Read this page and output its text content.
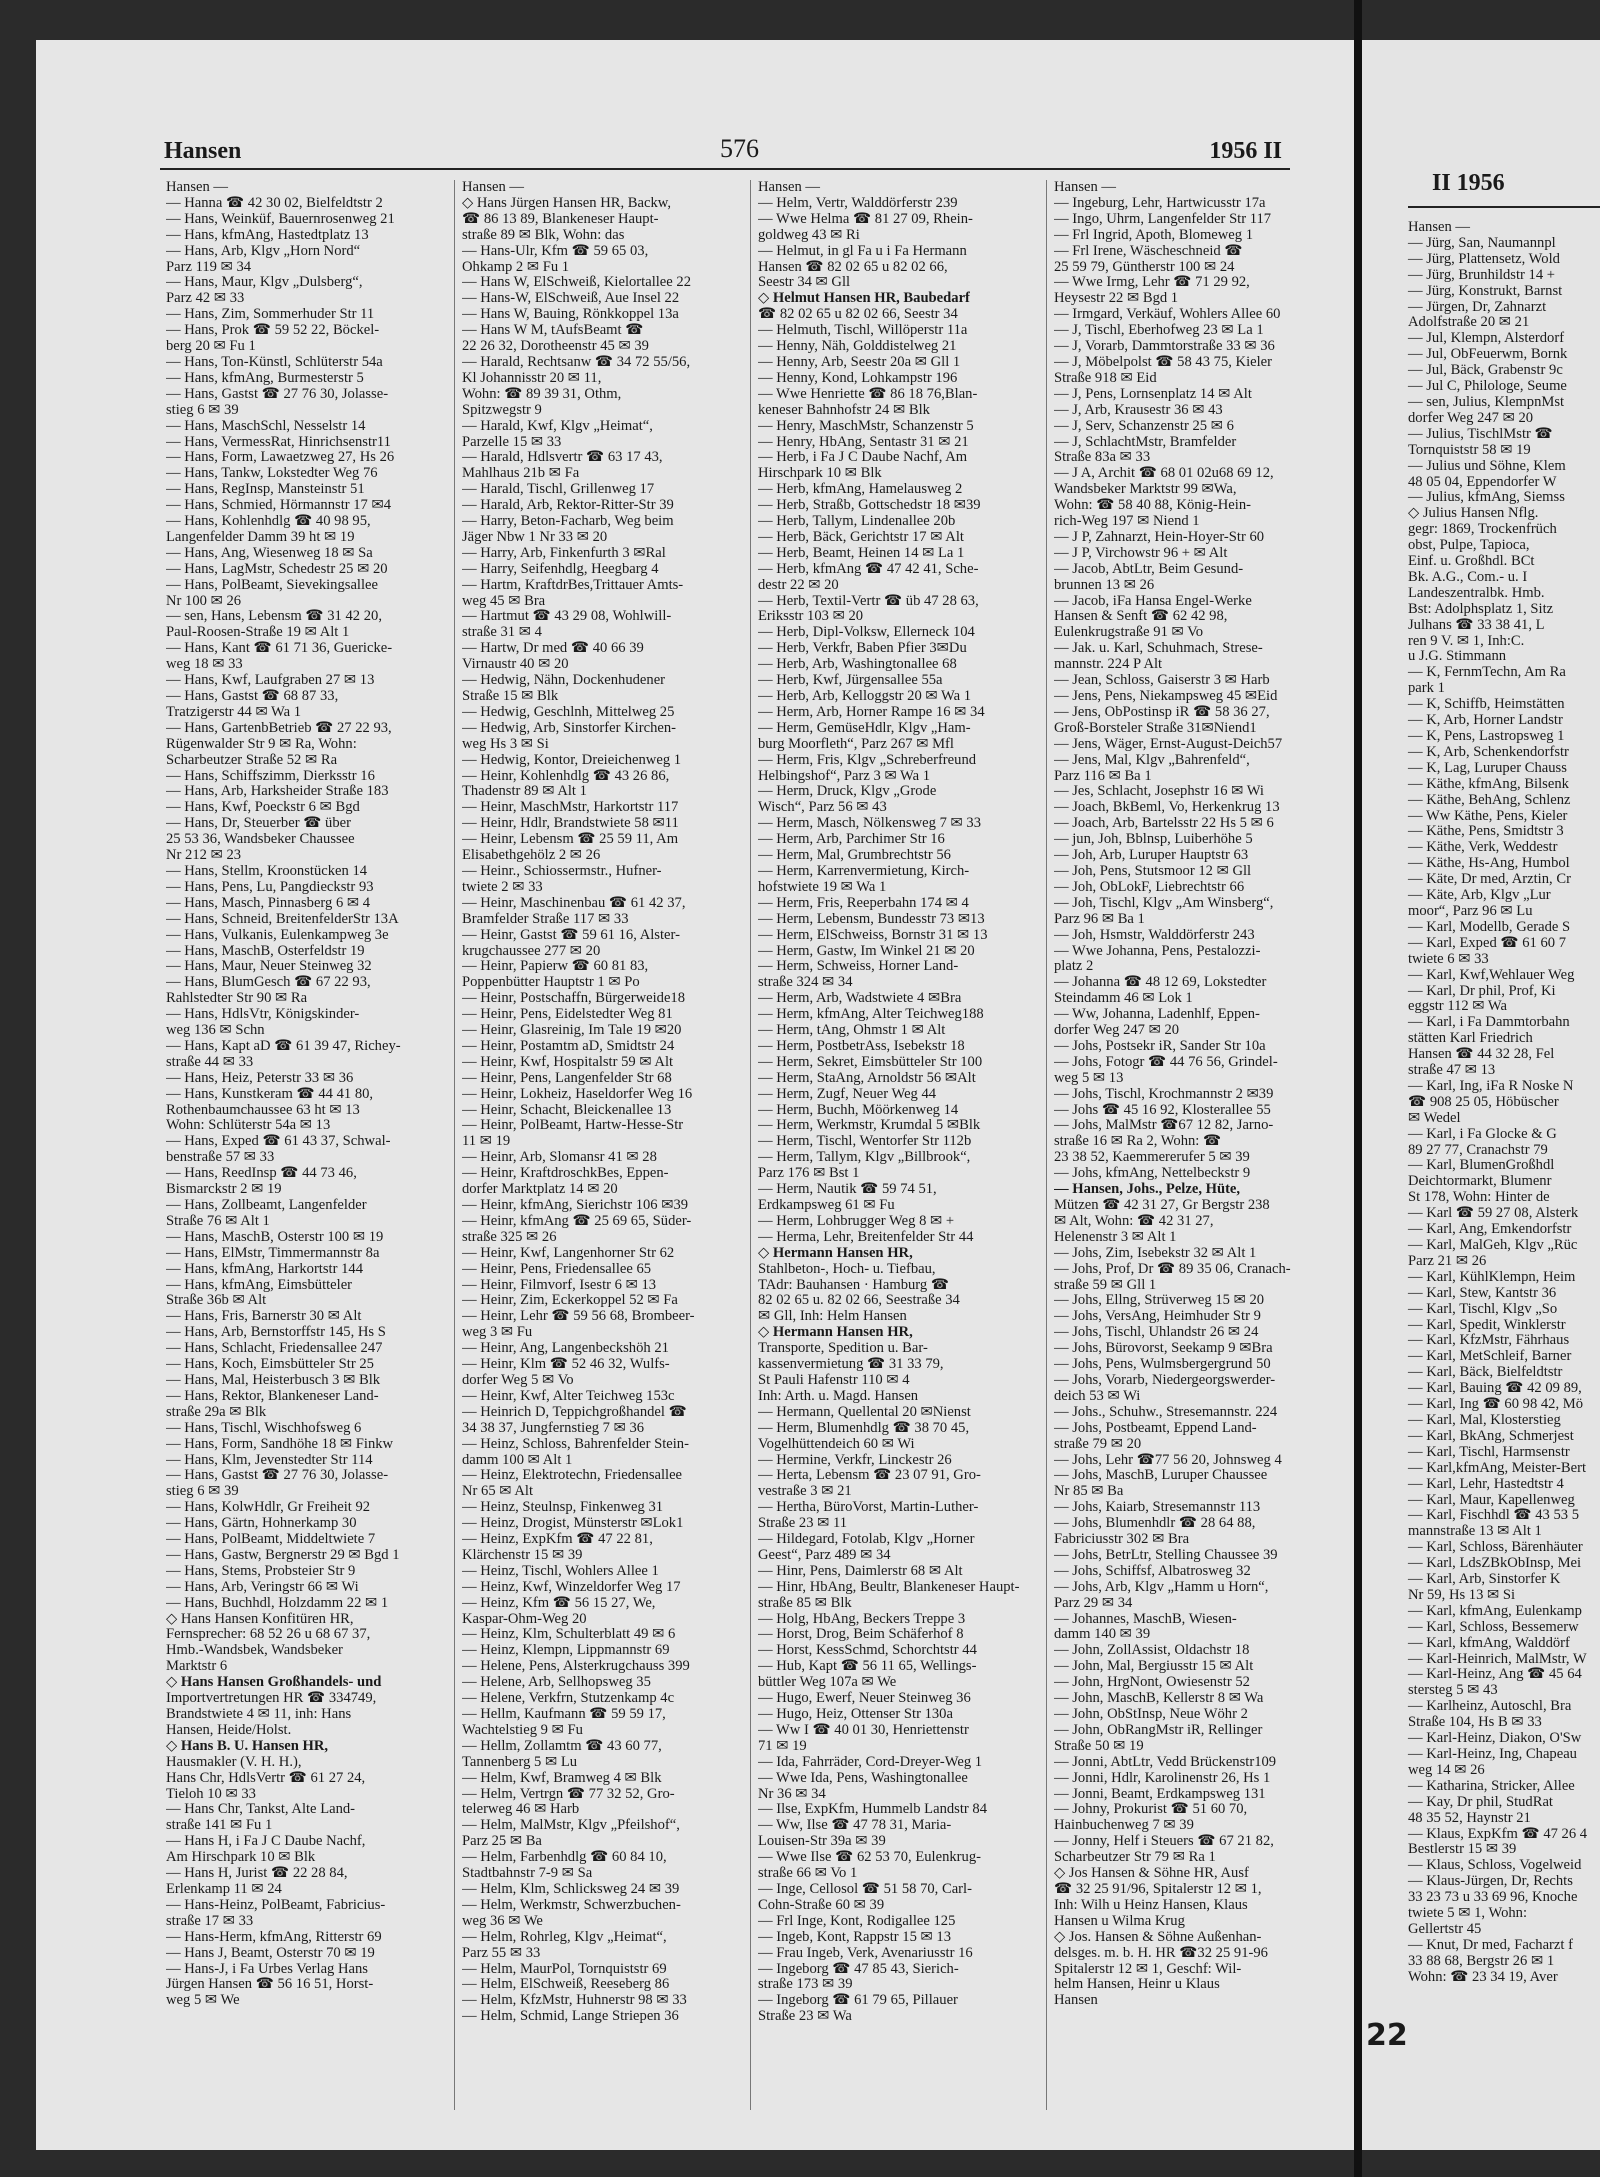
II 1956
Hansen —
— Jürg, San, Naumannpl
— Jürg, Plattensetz, Wold
— Jürg, Brunhildstr 14 +
— Jürg, Konstrukt, Barnst
— Jürgen, Dr, Zahnarzt
Adolfstraße 20 ✉ 21
— Jul, Klempn, Alsterdorf
— Jul, ObFeuerwm, Bornk
— Jul, Bäck, Grabenstr 9c
— Jul C, Philologe, Seume
— sen, Julius, KlempnMst
dorfer Weg 247 ✉ 20
— Julius, TischlMstr ☎
Tornquiststr 58 ✉ 19
— Julius und Söhne, Klem
48 05 04, Eppendorfer W
— Julius, kfmAng, Siemss
◇ Julius Hansen Nflg.
gegr: 1869, Trockenfrüch
obst, Pulpe, Tapioca,
Einf. u. Großhdl. BCt
Bk. A.G., Com.- u. I
Landeszentralbk. Hmb.
Bst: Adolphsplatz 1, Sitz
Julhans ☎ 33 38 41, L
ren 9 V. ✉ 1, Inh:C.
u J.G. Stimmann
— K, FernmTechn, Am Ra
park 1
— K, Schiffb, Heimstätten
— K, Arb, Horner Landstr
— K, Pens, Lastropsweg 1
— K, Arb, Schenkendorfstr
— K, Lag, Luruper Chauss
— Käthe, kfmAng, Bilsenk
— Käthe, BehAng, Schlenz
— Ww Käthe, Pens, Kieler
— Käthe, Pens, Smidtstr 3
— Käthe, Verk, Weddestr
— Käthe, Hs-Ang, Humbol
— Käte, Dr med, Arztin, Cr
— Käte, Arb, Klgv „Lur
moor“, Parz 96 ✉ Lu
— Karl, Modellb, Gerade S
— Karl, Exped ☎ 61 60 7
twiete 6 ✉ 33
— Karl, Kwf,Wehlauer Weg
— Karl, Dr phil, Prof, Ki
eggstr 112 ✉ Wa
— Karl, i Fa Dammtorbahn
stätten Karl Friedrich
Hansen ☎ 44 32 28, Fel
straße 47 ✉ 13
— Karl, Ing, iFa R Noske N
☎ 908 25 05, Höbüscher
✉ Wedel
— Karl, i Fa Glocke & G
89 27 77, Cranachstr 79
— Karl, BlumenGroßhdl
Deichtormarkt, Blumenr
St 178, Wohn: Hinter de
— Karl ☎ 59 27 08, Alsterk
— Karl, Ang, Emkendorfstr
— Karl, MalGeh, Klgv „Rüc
Parz 21 ✉ 26
— Karl, KühlKlempn, Heim
— Karl, Stew, Kantstr 36
— Karl, Tischl, Klgv „So
— Karl, Spedit, Winklerstr
— Karl, KfzMstr, Fährhaus
— Karl, MetSchleif, Barner
— Karl, Bäck, Bielfeldtstr
— Karl, Bauing ☎ 42 09 89,
— Karl, Ing ☎ 60 98 42, Mö
— Karl, Mal, Klosterstieg
— Karl, BkAng, Schmerjest
— Karl, Tischl, Harmsenstr
— Karl,kfmAng, Meister-Bert
— Karl, Lehr, Hastedtstr 4
— Karl, Maur, Kapellenweg
— Karl, Fischhdl ☎ 43 53 5
mannstraße 13 ✉ Alt 1
— Karl, Schloss, Bärenhäuter
— Karl, LdsZBkObInsp, Mei
— Karl, Arb, Sinstorfer K
Nr 59, Hs 13 ✉ Si
— Karl, kfmAng, Eulenkamp
— Karl, Schloss, Bessemerw
— Karl, kfmAng, Walddörf
— Karl-Heinrich, MalMstr, W
— Karl-Heinz, Ang ☎ 45 64
stersteg 5 ✉ 43
— Karlheinz, Autoschl, Bra
Straße 104, Hs B ✉ 33
— Karl-Heinz, Diakon, O'Sw
— Karl-Heinz, Ing, Chapeau
weg 14 ✉ 26
— Katharina, Stricker, Allee
— Kay, Dr phil, StudRat
48 35 52, Haynstr 21
— Klaus, ExpKfm ☎ 47 26 4
Bestlerstr 15 ✉ 39
— Klaus, Schloss, Vogelweid
— Klaus-Jürgen, Dr, Rechts
33 23 73 u 33 69 96, Knoche
twiete 5 ✉ 1, Wohn:
Gellertstr 45
— Knut, Dr med, Facharzt f
33 88 68, Bergstr 26 ✉ 1
Wohn: ☎ 23 34 19, Aver
Hansen	576	1956 II
Hansen —
— Hanna ☎ 42 30 02, Bielfeldtstr 2
— Hans, Weinküf, Bauernrosenweg 21
— Hans, kfmAng, Hastedtplatz 13
— Hans, Arb, Klgv „Horn Nord“
Parz 119 ✉ 34
— Hans, Maur, Klgv „Dulsberg“,
Parz 42 ✉ 33
— Hans, Zim, Sommerhuder Str 11
— Hans, Prok ☎ 59 52 22, Böckel-
berg 20 ✉ Fu 1
— Hans, Ton-Künstl, Schlüterstr 54a
— Hans, kfmAng, Burmesterstr 5
— Hans, Gastst ☎ 27 76 30, Jolasse-
stieg 6 ✉ 39
— Hans, MaschSchl, Nesselstr 14
— Hans, VermessRat, Hinrichsenstr11
— Hans, Form, Lawaetzweg 27, Hs 26
— Hans, Tankw, Lokstedter Weg 76
— Hans, RegInsp, Mansteinstr 51
— Hans, Schmied, Hörmannstr 17 ✉4
— Hans, Kohlenhdlg ☎ 40 98 95,
Langenfelder Damm 39 ht ✉ 19
— Hans, Ang, Wiesenweg 18 ✉ Sa
— Hans, LagMstr, Schedestr 25 ✉ 20
— Hans, PolBeamt, Sievekingsallee
Nr 100 ✉ 26
— sen, Hans, Lebensm ☎ 31 42 20,
Paul-Roosen-Straße 19 ✉ Alt 1
— Hans, Kant ☎ 61 71 36, Guericke-
weg 18 ✉ 33
— Hans, Kwf, Laufgraben 27 ✉ 13
— Hans, Gastst ☎ 68 87 33,
Tratzigerstr 44 ✉ Wa 1
— Hans, GartenbBetrieb ☎ 27 22 93,
Rügenwalder Str 9 ✉ Ra, Wohn:
Scharbeutzer Straße 52 ✉ Ra
— Hans, Schiffszimm, Dierksstr 16
— Hans, Arb, Harksheider Straße 183
— Hans, Kwf, Poeckstr 6 ✉ Bgd
— Hans, Dr, Steuerber ☎ über
25 53 36, Wandsbeker Chaussee
Nr 212 ✉ 23
— Hans, Stellm, Kroonstücken 14
— Hans, Pens, Lu, Pangdieckstr 93
— Hans, Masch, Pinnasberg 6 ✉ 4
— Hans, Schneid, BreitenfelderStr 13A
— Hans, Vulkanis, Eulenkampweg 3e
— Hans, MaschB, Osterfeldstr 19
— Hans, Maur, Neuer Steinweg 32
— Hans, BlumGesch ☎ 67 22 93,
Rahlstedter Str 90 ✉ Ra
— Hans, HdlsVtr, Königskinder-
weg 136 ✉ Schn
— Hans, Kapt aD ☎ 61 39 47, Richey-
straße 44 ✉ 33
— Hans, Heiz, Peterstr 33 ✉ 36
— Hans, Kunstkeram ☎ 44 41 80,
Rothenbaumchaussee 63 ht ✉ 13
Wohn: Schlüterstr 54a ✉ 13
— Hans, Exped ☎ 61 43 37, Schwal-
benstraße 57 ✉ 33
— Hans, ReedInsp ☎ 44 73 46,
Bismarckstr 2 ✉ 19
— Hans, Zollbeamt, Langenfelder
Straße 76 ✉ Alt 1
— Hans, MaschB, Osterstr 100 ✉ 19
— Hans, ElMstr, Timmermannstr 8a
— Hans, kfmAng, Harkortstr 144
— Hans, kfmAng, Eimsbütteler
Straße 36b ✉ Alt
— Hans, Fris, Barnerstr 30 ✉ Alt
— Hans, Arb, Bernstorffstr 145, Hs S
— Hans, Schlacht, Friedensallee 247
— Hans, Koch, Eimsbütteler Str 25
— Hans, Mal, Heisterbusch 3 ✉ Blk
— Hans, Rektor, Blankeneser Land-
straße 29a ✉ Blk
— Hans, Tischl, Wischhofsweg 6
— Hans, Form, Sandhöhe 18 ✉ Finkw
— Hans, Klm, Jevenstedter Str 114
— Hans, Gastst ☎ 27 76 30, Jolasse-
stieg 6 ✉ 39
— Hans, KolwHdlr, Gr Freiheit 92
— Hans, Gärtn, Hohnerkamp 30
— Hans, PolBeamt, Middeltwiete 7
— Hans, Gastw, Bergnerstr 29 ✉ Bgd 1
— Hans, Stems, Probsteier Str 9
— Hans, Arb, Veringstr 66 ✉ Wi
— Hans, Buchhdl, Holzdamm 22 ✉ 1
◇ Hans Hansen Konfitüren HR,
Fernsprecher: 68 52 26 u 68 67 37,
Hmb.-Wandsbek, Wandsbeker
Marktstr 6
◇ Hans Hansen Großhandels- und
Importvertretungen HR ☎ 334749,
Brandstwiete 4 ✉ 11, inh: Hans
Hansen, Heide/Holst.
◇ Hans B. U. Hansen HR,
Hausmakler (V. H. H.),
Hans Chr, HdlsVertr ☎ 61 27 24,
Tieloh 10 ✉ 33
— Hans Chr, Tankst, Alte Land-
straße 141 ✉ Fu 1
— Hans H, i Fa J C Daube Nachf,
Am Hirschpark 10 ✉ Blk
— Hans H, Jurist ☎ 22 28 84,
Erlenkamp 11 ✉ 24
— Hans-Heinz, PolBeamt, Fabricius-
straße 17 ✉ 33
— Hans-Herm, kfmAng, Ritterstr 69
— Hans J, Beamt, Osterstr 70 ✉ 19
— Hans-J, i Fa Urbes Verlag Hans
Jürgen Hansen ☎ 56 16 51, Horst-
weg 5 ✉ We
Hansen —
◇ Hans Jürgen Hansen HR, Backw,
☎ 86 13 89, Blankeneser Haupt-
straße 89 ✉ Blk, Wohn: das
— Hans-Ulr, Kfm ☎ 59 65 03,
Ohkamp 2 ✉ Fu 1
— Hans W, ElSchweiß, Kielortallee 22
— Hans-W, ElSchweiß, Aue Insel 22
— Hans W, Bauing, Rönkkoppel 13a
— Hans W M, tAufsBeamt ☎
22 26 32, Dorotheenstr 45 ✉ 39
— Harald, Rechtsanw ☎ 34 72 55/56,
Kl Johannisstr 20 ✉ 11,
Wohn: ☎ 89 39 31, Othm,
Spitzwegstr 9
— Harald, Kwf, Klgv „Heimat“,
Parzelle 15 ✉ 33
— Harald, Hdlsvertr ☎ 63 17 43,
Mahlhaus 21b ✉ Fa
— Harald, Tischl, Grillenweg 17
— Harald, Arb, Rektor-Ritter-Str 39
— Harry, Beton-Facharb, Weg beim
Jäger Nbw 1 Nr 33 ✉ 20
— Harry, Arb, Finkenfurth 3 ✉Ral
— Harry, Seifenhdlg, Heegbarg 4
— Hartm, KraftdrBes,Trittauer Amts-
weg 45 ✉ Bra
— Hartmut ☎ 43 29 08, Wohlwill-
straße 31 ✉ 4
— Hartw, Dr med ☎ 40 66 39
Virnaustr 40 ✉ 20
— Hedwig, Nähn, Dockenhudener
Straße 15 ✉ Blk
— Hedwig, Geschlnh, Mittelweg 25
— Hedwig, Arb, Sinstorfer Kirchen-
weg Hs 3 ✉ Si
— Hedwig, Kontor, Dreieichenweg 1
— Heinr, Kohlenhdlg ☎ 43 26 86,
Thadenstr 89 ✉ Alt 1
— Heinr, MaschMstr, Harkortstr 117
— Heinr, Hdlr, Brandstwiete 58 ✉11
— Heinr, Lebensm ☎ 25 59 11, Am
Elisabethgehölz 2 ✉ 26
— Heinr., Schiossermstr., Hufner-
twiete 2 ✉ 33
— Heinr, Maschinenbau ☎ 61 42 37,
Bramfelder Straße 117 ✉ 33
— Heinr, Gastst ☎ 59 61 16, Alster-
krugchaussee 277 ✉ 20
— Heinr, Papierw ☎ 60 81 83,
Poppenbütter Hauptstr 1 ✉ Po
— Heinr, Postschaffn, Bürgerweide18
— Heinr, Pens, Eidelstedter Weg 81
— Heinr, Glasreinig, Im Tale 19 ✉20
— Heinr, Postamtm aD, Smidtstr 24
— Heinr, Kwf, Hospitalstr 59 ✉ Alt
— Heinr, Pens, Langenfelder Str 68
— Heinr, Lokheiz, Haseldorfer Weg 16
— Heinr, Schacht, Bleickenallee 13
— Heinr, PolBeamt, Hartw-Hesse-Str
11 ✉ 19
— Heinr, Arb, Slomansr 41 ✉ 28
— Heinr, KraftdroschkBes, Eppen-
dorfer Marktplatz 14 ✉ 20
— Heinr, kfmAng, Sierichstr 106 ✉39
— Heinr, kfmAng ☎ 25 69 65, Süder-
straße 325 ✉ 26
— Heinr, Kwf, Langenhorner Str 62
— Heinr, Pens, Friedensallee 65
— Heinr, Filmvorf, Isestr 6 ✉ 13
— Heinr, Zim, Eckerkoppel 52 ✉ Fa
— Heinr, Lehr ☎ 59 56 68, Brombeer-
weg 3 ✉ Fu
— Heinr, Ang, Langenbeckshöh 21
— Heinr, Klm ☎ 52 46 32, Wulfs-
dorfer Weg 5 ✉ Vo
— Heinr, Kwf, Alter Teichweg 153c
— Heinrich D, Teppichgroßhandel ☎
34 38 37, Jungfernstieg 7 ✉ 36
— Heinz, Schloss, Bahrenfelder Stein-
damm 100 ✉ Alt 1
— Heinz, Elektrotechn, Friedensallee
Nr 65 ✉ Alt
— Heinz, Steulnsp, Finkenweg 31
— Heinz, Drogist, Münsterstr ✉Lok1
— Heinz, ExpKfm ☎ 47 22 81,
Klärchenstr 15 ✉ 39
— Heinz, Tischl, Wohlers Allee 1
— Heinz, Kwf, Winzeldorfer Weg 17
— Heinz, Kfm ☎ 56 15 27, We,
Kaspar-Ohm-Weg 20
— Heinz, Klm, Schulterblatt 49 ✉ 6
— Heinz, Klempn, Lippmannstr 69
— Helene, Pens, Alsterkrugchauss 399
— Helene, Arb, Sellhopsweg 35
— Helene, Verkfrn, Stutzenkamp 4c
— Hellm, Kaufmann ☎ 59 59 17,
Wachtelstieg 9 ✉ Fu
— Hellm, Zollamtm ☎ 43 60 77,
Tannenberg 5 ✉ Lu
— Helm, Kwf, Bramweg 4 ✉ Blk
— Helm, Vertrgn ☎ 77 32 52, Gro-
telerweg 46 ✉ Harb
— Helm, MalMstr, Klgv „Pfeilshof“,
Parz 25 ✉ Ba
— Helm, Farbenhdlg ☎ 60 84 10,
Stadtbahnstr 7-9 ✉ Sa
— Helm, Klm, Schlicksweg 24 ✉ 39
— Helm, Werkmstr, Schwerzbuchen-
weg 36 ✉ We
— Helm, Rohrleg, Klgv „Heimat“,
Parz 55 ✉ 33
— Helm, MaurPol, Tornquiststr 69
— Helm, ElSchweiß, Reeseberg 86
— Helm, KfzMstr, Huhnerstr 98 ✉ 33
— Helm, Schmid, Lange Striepen 36
Hansen —
— Helm, Vertr, Walddörferstr 239
— Wwe Helma ☎ 81 27 09, Rhein-
goldweg 43 ✉ Ri
— Helmut, in gl Fa u i Fa Hermann
Hansen ☎ 82 02 65 u 82 02 66,
Seestr 34 ✉ Gll
◇ Helmut Hansen HR, Baubedarf
☎ 82 02 65 u 82 02 66, Seestr 34
— Helmuth, Tischl, Willöperstr 11a
— Henny, Näh, Golddistelweg 21
— Henny, Arb, Seestr 20a ✉ Gll 1
— Henny, Kond, Lohkampstr 196
— Wwe Henriette ☎ 86 18 76,Blan-
keneser Bahnhofstr 24 ✉ Blk
— Henry, MaschMstr, Schanzenstr 5
— Henry, HbAng, Sentastr 31 ✉ 21
— Herb, i Fa J C Daube Nachf, Am
Hirschpark 10 ✉ Blk
— Herb, kfmAng, Hamelausweg 2
— Herb, Straßb, Gottschedstr 18 ✉39
— Herb, Tallym, Lindenallee 20b
— Herb, Bäck, Gerichtstr 17 ✉ Alt
— Herb, Beamt, Heinen 14 ✉ La 1
— Herb, kfmAng ☎ 47 42 41, Sche-
destr 22 ✉ 20
— Herb, Textil-Vertr ☎ üb 47 28 63,
Eriksstr 103 ✉ 20
— Herb, Dipl-Volksw, Ellerneck 104
— Herb, Verkfr, Baben Pfier 3✉Du
— Herb, Arb, Washingtonallee 68
— Herb, Kwf, Jürgensallee 55a
— Herb, Arb, Kelloggstr 20 ✉ Wa 1
— Herm, Arb, Horner Rampe 16 ✉ 34
— Herm, GemüseHdlr, Klgv „Ham-
burg Moorfleth“, Parz 267 ✉ Mfl
— Herm, Fris, Klgv „Schreberfreund
Helbingshof“, Parz 3 ✉ Wa 1
— Herm, Druck, Klgv „Grode
Wisch“, Parz 56 ✉ 43
— Herm, Masch, Nölkensweg 7 ✉ 33
— Herm, Arb, Parchimer Str 16
— Herm, Mal, Grumbrechtstr 56
— Herm, Karrenvermietung, Kirch-
hofstwiete 19 ✉ Wa 1
— Herm, Fris, Reeperbahn 174 ✉ 4
— Herm, Lebensm, Bundesstr 73 ✉13
— Herm, ElSchweiss, Bornstr 31 ✉ 13
— Herm, Gastw, Im Winkel 21 ✉ 20
— Herm, Schweiss, Horner Land-
straße 324 ✉ 34
— Herm, Arb, Wadstwiete 4 ✉Bra
— Herm, kfmAng, Alter Teichweg188
— Herm, tAng, Ohmstr 1 ✉ Alt
— Herm, PostbetrAss, Isebekstr 18
— Herm, Sekret, Eimsbütteler Str 100
— Herm, StaAng, Arnoldstr 56 ✉Alt
— Herm, Zugf, Neuer Weg 44
— Herm, Buchh, Möörkenweg 14
— Herm, Werkmstr, Krumdal 5 ✉Blk
— Herm, Tischl, Wentorfer Str 112b
— Herm, Tallym, Klgv „Billbrook“,
Parz 176 ✉ Bst 1
— Herm, Nautik ☎ 59 74 51,
Erdkampsweg 61 ✉ Fu
— Herm, Lohbrugger Weg 8 ✉ +
— Herma, Lehr, Breitenfelder Str 44
◇ Hermann Hansen HR,
Stahlbeton-, Hoch- u. Tiefbau,
TAdr: Bauhansen · Hamburg ☎
82 02 65 u. 82 02 66, Seestraße 34
✉ Gll, Inh: Helm Hansen
◇ Hermann Hansen HR,
Transporte, Spedition u. Bar-
kassenvermietung ☎ 31 33 79,
St Pauli Hafenstr 110 ✉ 4
Inh: Arth. u. Magd. Hansen
— Hermann, Quellental 20 ✉Nienst
— Herm, Blumenhdlg ☎ 38 70 45,
Vogelhüttendeich 60 ✉ Wi
— Hermine, Verkfr, Linckestr 26
— Herta, Lebensm ☎ 23 07 91, Gro-
vestraße 3 ✉ 21
— Hertha, BüroVorst, Martin-Luther-
Straße 23 ✉ 11
— Hildegard, Fotolab, Klgv „Horner
Geest“, Parz 489 ✉ 34
— Hinr, Pens, Daimlerstr 68 ✉ Alt
— Hinr, HbAng, Beultr, Blankeneser Haupt-
straße 85 ✉ Blk
— Holg, HbAng, Beckers Treppe 3
— Horst, Drog, Beim Schäferhof 8
— Horst, KessSchmd, Schorchtstr 44
— Hub, Kapt ☎ 56 11 65, Wellings-
büttler Weg 107a ✉ We
— Hugo, Ewerf, Neuer Steinweg 36
— Hugo, Heiz, Ottenser Str 130a
— Ww I ☎ 40 01 30, Henriettenstr
71 ✉ 19
— Ida, Fahrräder, Cord-Dreyer-Weg 1
— Wwe Ida, Pens, Washingtonallee
Nr 36 ✉ 34
— Ilse, ExpKfm, Hummelb Landstr 84
— Ww, Ilse ☎ 47 78 31, Maria-
Louisen-Str 39a ✉ 39
— Wwe Ilse ☎ 62 53 70, Eulenkrug-
straße 66 ✉ Vo 1
— Inge, Cellosol ☎ 51 58 70, Carl-
Cohn-Straße 60 ✉ 39
— Frl Inge, Kont, Rodigallee 125
— Ingeb, Kont, Rappstr 15 ✉ 13
— Frau Ingeb, Verk, Avenariusstr 16
— Ingeborg ☎ 47 85 43, Sierich-
straße 173 ✉ 39
— Ingeborg ☎ 61 79 65, Pillauer
Straße 23 ✉ Wa
Hansen —
— Ingeburg, Lehr, Hartwicusstr 17a
— Ingo, Uhrm, Langenfelder Str 117
— Frl Ingrid, Apoth, Blomeweg 1
— Frl Irene, Wäscheschneid ☎
25 59 79, Güntherstr 100 ✉ 24
— Wwe Irmg, Lehr ☎ 71 29 92,
Heysestr 22 ✉ Bgd 1
— Irmgard, Verkäuf, Wohlers Allee 60
— J, Tischl, Eberhofweg 23 ✉ La 1
— J, Vorarb, Dammtorstraße 33 ✉ 36
— J, Möbelpolst ☎ 58 43 75, Kieler
Straße 918 ✉ Eid
— J, Pens, Lornsenplatz 14 ✉ Alt
— J, Arb, Krausestr 36 ✉ 43
— J, Serv, Schanzenstr 25 ✉ 6
— J, SchlachtMstr, Bramfelder
Straße 83a ✉ 33
— J A, Archit ☎ 68 01 02u68 69 12,
Wandsbeker Marktstr 99 ✉Wa,
Wohn: ☎ 58 40 88, König-Hein-
rich-Weg 197 ✉ Niend 1
— J P, Zahnarzt, Hein-Hoyer-Str 60
— J P, Virchowstr 96 + ✉ Alt
— Jacob, AbtLtr, Beim Gesund-
brunnen 13 ✉ 26
— Jacob, iFa Hansa Engel-Werke
Hansen & Senft ☎ 62 42 98,
Eulenkrugstraße 91 ✉ Vo
— Jak. u. Karl, Schuhmach, Strese-
mannstr. 224 P Alt
— Jean, Schloss, Gaiserstr 3 ✉ Harb
— Jens, Pens, Niekampsweg 45 ✉Eid
— Jens, ObPostinsp iR ☎ 58 36 27,
Groß-Borsteler Straße 31✉Niend1
— Jens, Wäger, Ernst-August-Deich57
— Jens, Mal, Klgv „Bahrenfeld“,
Parz 116 ✉ Ba 1
— Jes, Schlacht, Josephstr 16 ✉ Wi
— Joach, BkBeml, Vo, Herkenkrug 13
— Joach, Arb, Bartelsstr 22 Hs 5 ✉ 6
— jun, Joh, Bblnsp, Luiberhöhe 5
— Joh, Arb, Luruper Hauptstr 63
— Joh, Pens, Stutsmoor 12 ✉ Gll
— Joh, ObLokF, Liebrechtstr 66
— Joh, Tischl, Klgv „Am Winsberg“,
Parz 96 ✉ Ba 1
— Joh, Hsmstr, Walddörferstr 243
— Wwe Johanna, Pens, Pestalozzi-
platz 2
— Johanna ☎ 48 12 69, Lokstedter
Steindamm 46 ✉ Lok 1
— Ww, Johanna, Ladenhlf, Eppen-
dorfer Weg 247 ✉ 20
— Johs, Postsekr iR, Sander Str 10a
— Johs, Fotogr ☎ 44 76 56, Grindel-
weg 5 ✉ 13
— Johs, Tischl, Krochmannstr 2 ✉39
— Johs ☎ 45 16 92, Klosterallee 55
— Johs, MalMstr ☎67 12 82, Jarno-
straße 16 ✉ Ra 2, Wohn: ☎
23 38 52, Kaemmererufer 5 ✉ 39
— Johs, kfmAng, Nettelbeckstr 9
— Hansen, Johs., Pelze, Hüte,
Mützen ☎ 42 31 27, Gr Bergstr 238
✉ Alt, Wohn: ☎ 42 31 27,
Helenenstr 3 ✉ Alt 1
— Johs, Zim, Isebekstr 32 ✉ Alt 1
— Johs, Prof, Dr ☎ 89 35 06, Cranach-
straße 59 ✉ Gll 1
— Johs, Ellng, Strüverweg 15 ✉ 20
— Johs, VersAng, Heimhuder Str 9
— Johs, Tischl, Uhlandstr 26 ✉ 24
— Johs, Bürovorst, Seekamp 9 ✉Bra
— Johs, Pens, Wulmsbergergrund 50
— Johs, Vorarb, Niedergeorgswerder-
deich 53 ✉ Wi
— Johs., Schuhw., Stresemannstr. 224
— Johs, Postbeamt, Eppend Land-
straße 79 ✉ 20
— Johs, Lehr ☎77 56 20, Johnsweg 4
— Johs, MaschB, Luruper Chaussee
Nr 85 ✉ Ba
— Johs, Kaiarb, Stresemannstr 113
— Johs, Blumenhdlr ☎ 28 64 88,
Fabriciusstr 302 ✉ Bra
— Johs, BetrLtr, Stelling Chaussee 39
— Johs, Schiffsf, Albatrosweg 32
— Johs, Arb, Klgv „Hamm u Horn“,
Parz 29 ✉ 34
— Johannes, MaschB, Wiesen-
damm 140 ✉ 39
— John, ZollAssist, Oldachstr 18
— John, Mal, Bergiusstr 15 ✉ Alt
— John, HrgNont, Owiesenstr 52
— John, MaschB, Kellerstr 8 ✉ Wa
— John, ObStInsp, Neue Wöhr 2
— John, ObRangMstr iR, Rellinger
Straße 50 ✉ 19
— Jonni, AbtLtr, Vedd Brückenstr109
— Jonni, Hdlr, Karolinenstr 26, Hs 1
— Jonni, Beamt, Erdkampsweg 131
— Johny, Prokurist ☎ 51 60 70,
Hainbuchenweg 7 ✉ 39
— Jonny, Helf i Steuers ☎ 67 21 82,
Scharbeutzer Str 79 ✉ Ra 1
◇ Jos Hansen & Söhne HR, Ausf
☎ 32 25 91/96, Spitalerstr 12 ✉ 1,
Inh: Wilh u Heinz Hansen, Klaus
Hansen u Wilma Krug
◇ Jos. Hansen & Söhne Außenhan-
delsges. m. b. H. HR ☎32 25 91-96
Spitalerstr 12 ✉ 1, Geschf: Wil-
helm Hansen, Heinr u Klaus
Hansen
22
